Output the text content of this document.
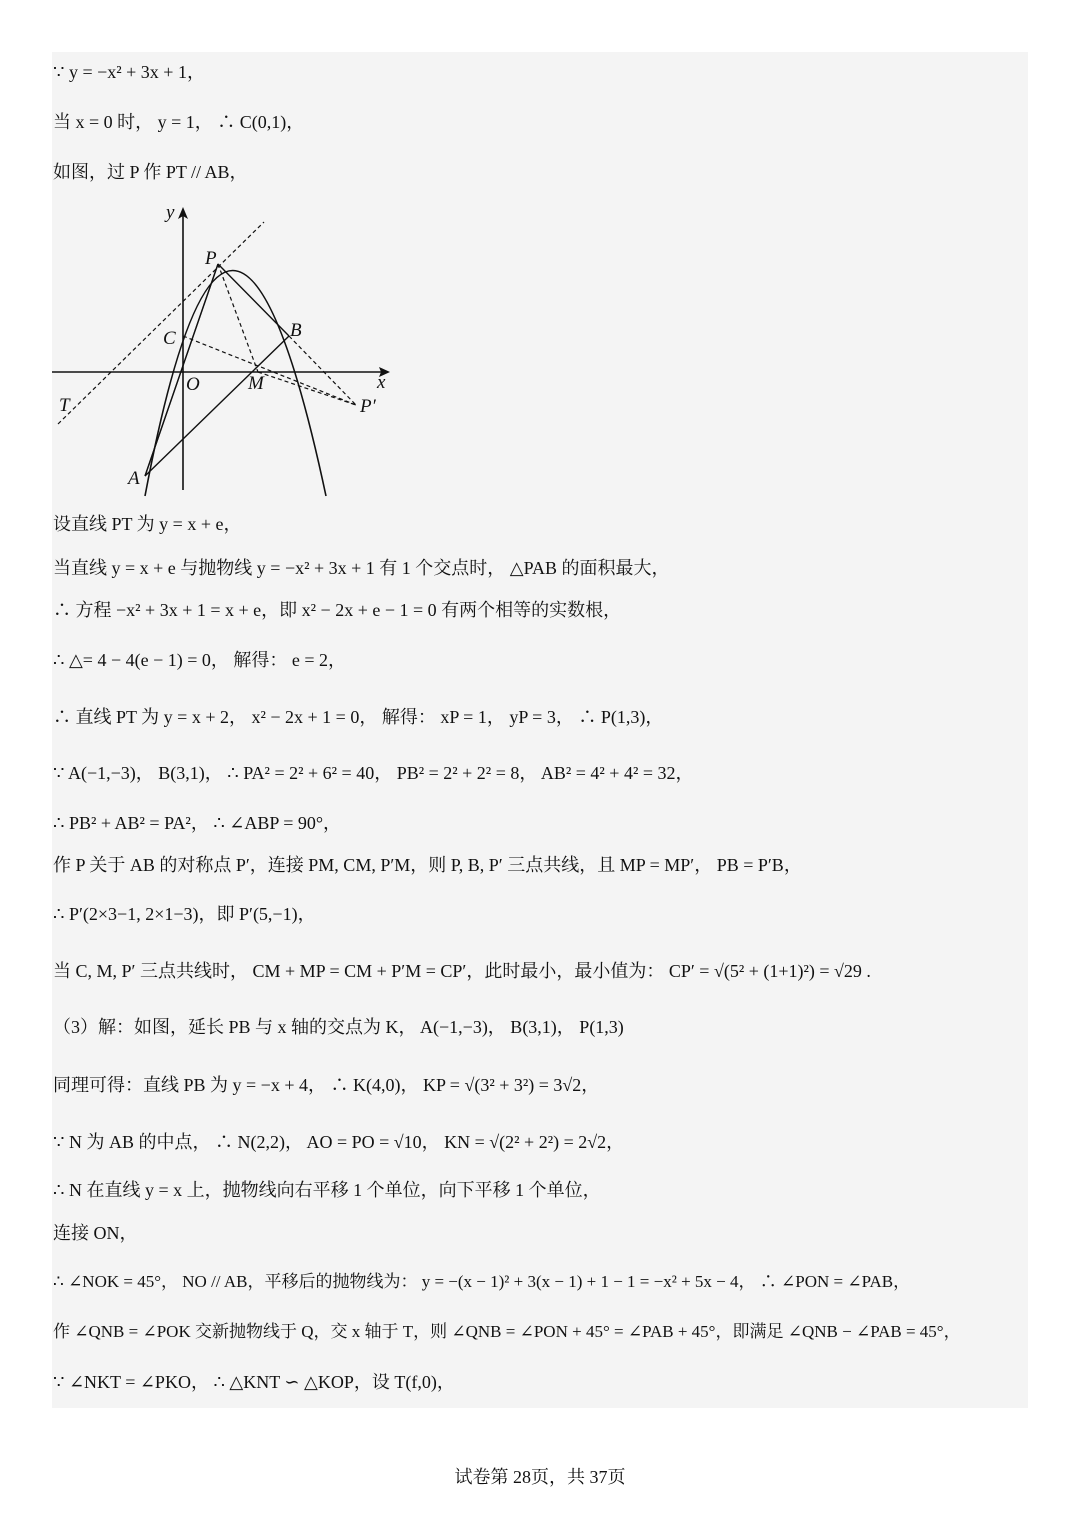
∵ y = −x² + 3x + 1，
当 x = 0 时， y = 1， ∴ C(0,1)，
如图，过 P 作 PT // AB，
y
x
P
C	B
O	M
T	P′
A
设直线 PT 为 y = x + e，
当直线 y = x + e 与抛物线 y = −x² + 3x + 1 有 1 个交点时， △PAB 的面积最大，
∴ 方程 −x² + 3x + 1 = x + e，即 x² − 2x + e − 1 = 0 有两个相等的实数根，
∴ △= 4 − 4(e − 1) = 0， 解得： e = 2，
∴ 直线 PT 为 y = x + 2， x² − 2x + 1 = 0， 解得： xP = 1， yP = 3， ∴ P(1,3)，
∵ A(−1,−3)， B(3,1)， ∴ PA² = 2² + 6² = 40， PB² = 2² + 2² = 8， AB² = 4² + 4² = 32，
∴ PB² + AB² = PA²， ∴ ∠ABP = 90°，
作 P 关于 AB 的对称点 P′，连接 PM, CM, P′M，则 P, B, P′ 三点共线，且 MP = MP′， PB = P′B，
∴ P′(2×3−1, 2×1−3)，即 P′(5,−1)，
当 C, M, P′ 三点共线时， CM + MP = CM + P′M = CP′，此时最小，最小值为： CP′ = √(5² + (1+1)²) = √29 .
（3）解：如图，延长 PB 与 x 轴的交点为 K， A(−1,−3)， B(3,1)， P(1,3)
同理可得：直线 PB 为 y = −x + 4， ∴ K(4,0)， KP = √(3² + 3²) = 3√2，
∵ N 为 AB 的中点， ∴ N(2,2)， AO = PO = √10， KN = √(2² + 2²) = 2√2，
∴ N 在直线 y = x 上，抛物线向右平移 1 个单位，向下平移 1 个单位，
连接 ON，
∴ ∠NOK = 45°， NO // AB，平移后的抛物线为： y = −(x − 1)² + 3(x − 1) + 1 − 1 = −x² + 5x − 4， ∴ ∠PON = ∠PAB，
作 ∠QNB = ∠POK 交新抛物线于 Q，交 x 轴于 T，则 ∠QNB = ∠PON + 45° = ∠PAB + 45°，即满足 ∠QNB − ∠PAB = 45°，
∵ ∠NKT = ∠PKO， ∴ △KNT ∽ △KOP，设 T(f,0)，
试卷第 28页，共 37页
